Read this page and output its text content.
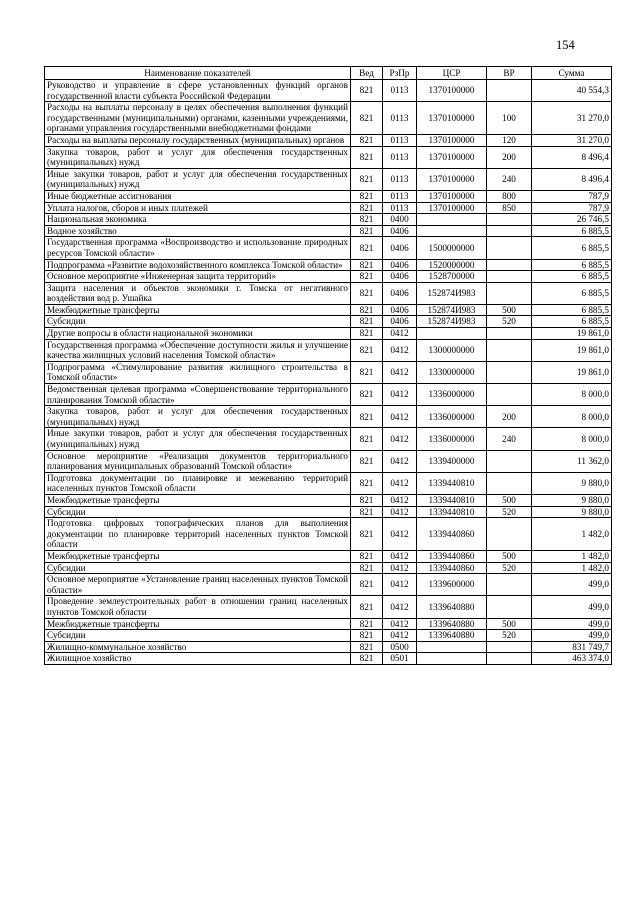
154
Наименование показателей	Вед	РзПр	ЦСР	ВР	Сумма
Руководство и управление в сфере установленных функций органов государственной власти субъекта Российской Федерации	821	0113	1370100000		40 554,3
Расходы на выплаты персоналу в целях обеспечения выполнения функций государственными (муниципальными) органами, казенными учреждениями, органами управления государственными внебюджетными фондами	821	0113	1370100000	100	31 270,0
Расходы на выплаты персоналу государственных (муниципальных) органов	821	0113	1370100000	120	31 270,0
Закупка товаров, работ и услуг для обеспечения государственных (муниципальных) нужд	821	0113	1370100000	200	8 496,4
Иные закупки товаров, работ и услуг для обеспечения государственных (муниципальных) нужд	821	0113	1370100000	240	8 496,4
Иные бюджетные ассигнования	821	0113	1370100000	800	787,9
Уплата налогов, сборов и иных платежей	821	0113	1370100000	850	787,9
Национальная экономика	821	0400			26 746,5
Водное хозяйство	821	0406			6 885,5
Государственная программа «Воспроизводство и использование природных ресурсов Томской области»	821	0406	1500000000		6 885,5
Подпрограмма «Развитие водохозяйственного комплекса Томской области»	821	0406	1520000000		6 885,5
Основное мероприятие «Инженерная защита территорий»	821	0406	1528700000		6 885,5
Защита населения и объектов экономики г. Томска от негативного воздействия вод р. Ушайка	821	0406	152874И983		6 885,5
Межбюджетные трансферты	821	0406	152874И983	500	6 885,5
Субсидии	821	0406	152874И983	520	6 885,5
Другие вопросы в области национальной экономики	821	0412			19 861,0
Государственная программа «Обеспечение доступности жилья и улучшение качества жилищных условий населения Томской области»	821	0412	1300000000		19 861,0
Подпрограмма «Стимулирование развития жилищного строительства в Томской области»	821	0412	1330000000		19 861,0
Ведомственная целевая программа «Совершенствование территориального планирования Томской области»	821	0412	1336000000		8 000,0
Закупка товаров, работ и услуг для обеспечения государственных (муниципальных) нужд	821	0412	1336000000	200	8 000,0
Иные закупки товаров, работ и услуг для обеспечения государственных (муниципальных) нужд	821	0412	1336000000	240	8 000,0
Основное мероприятие «Реализация документов территориального планирования муниципальных образований Томской области»	821	0412	1339400000		11 362,0
Подготовка документации по планировке и межеванию территорий населенных пунктов Томской области	821	0412	1339440810		9 880,0
Межбюджетные трансферты	821	0412	1339440810	500	9 880,0
Субсидии	821	0412	1339440810	520	9 880,0
Подготовка цифровых топографических планов для выполнения документации по планировке территорий населенных пунктов Томской области	821	0412	1339440860		1 482,0
Межбюджетные трансферты	821	0412	1339440860	500	1 482,0
Субсидии	821	0412	1339440860	520	1 482,0
Основное мероприятие «Установление границ населенных пунктов Томской области»	821	0412	1339600000		499,0
Проведение землеустроительных работ в отношении границ населенных пунктов Томской области	821	0412	1339640880		499,0
Межбюджетные трансферты	821	0412	1339640880	500	499,0
Субсидии	821	0412	1339640880	520	499,0
Жилищно-коммунальное хозяйство	821	0500			831 749,7
Жилищное хозяйство	821	0501			463 374,0
